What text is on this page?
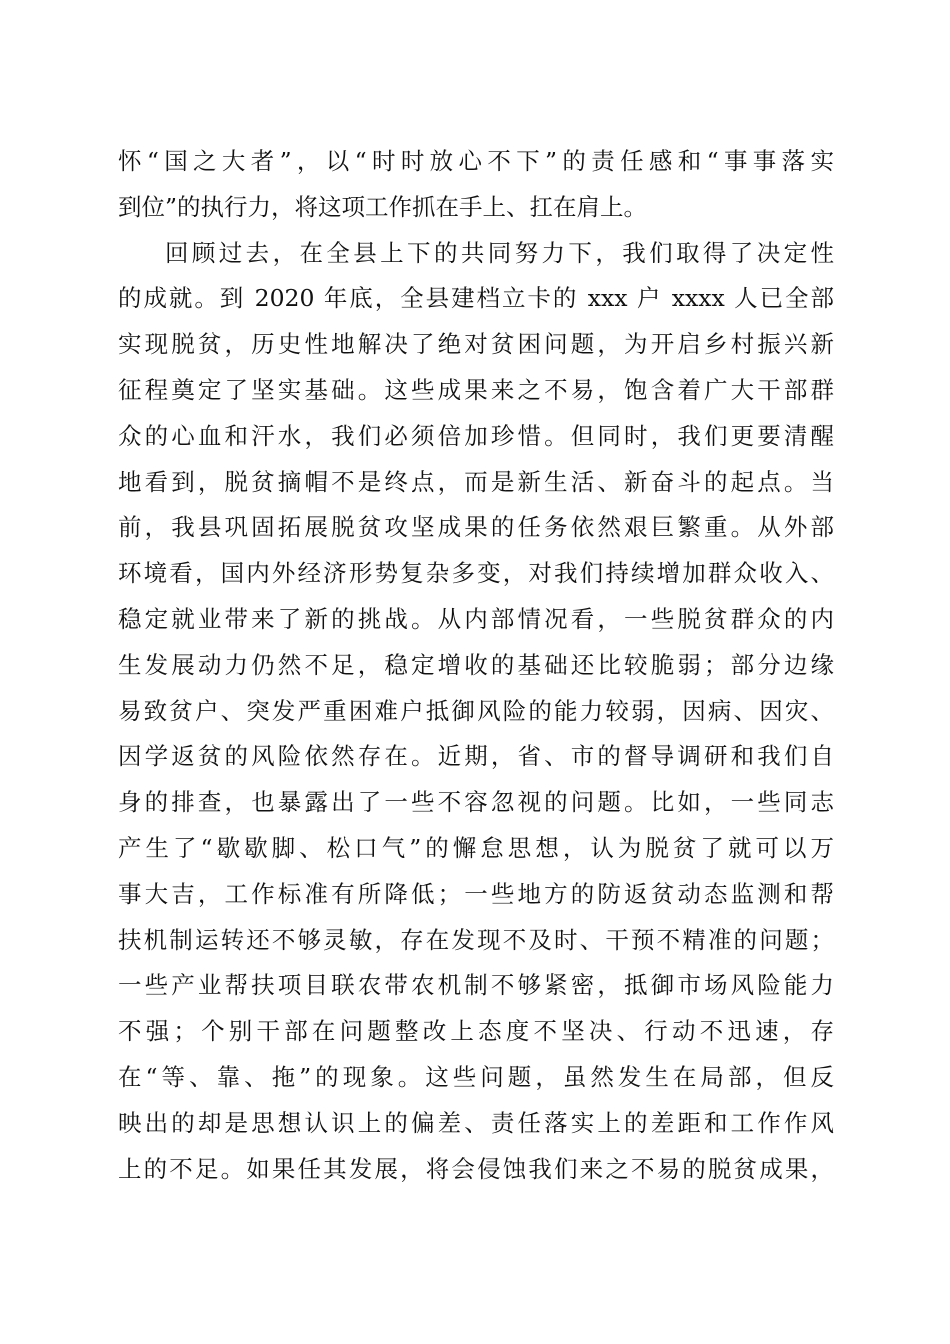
怀“国之大者”，以“时时放心不下”的责任感和“事事落实
到位”的执行力，将这项工作抓在手上、扛在肩上。
回顾过去，在全县上下的共同努力下，我们取得了决定性
的成就。到 2020 年底，全县建档立卡的 xxx 户 xxxx 人已全部
实现脱贫，历史性地解决了绝对贫困问题，为开启乡村振兴新
征程奠定了坚实基础。这些成果来之不易，饱含着广大干部群
众的心血和汗水，我们必须倍加珍惜。但同时，我们更要清醒
地看到，脱贫摘帽不是终点，而是新生活、新奋斗的起点。当
前，我县巩固拓展脱贫攻坚成果的任务依然艰巨繁重。从外部
环境看，国内外经济形势复杂多变，对我们持续增加群众收入、
稳定就业带来了新的挑战。从内部情况看，一些脱贫群众的内
生发展动力仍然不足，稳定增收的基础还比较脆弱；部分边缘
易致贫户、突发严重困难户抵御风险的能力较弱，因病、因灾、
因学返贫的风险依然存在。近期，省、市的督导调研和我们自
身的排查，也暴露出了一些不容忽视的问题。比如，一些同志
产生了“歇歇脚、松口气”的懈怠思想，认为脱贫了就可以万
事大吉，工作标准有所降低；一些地方的防返贫动态监测和帮
扶机制运转还不够灵敏，存在发现不及时、干预不精准的问题；
一些产业帮扶项目联农带农机制不够紧密，抵御市场风险能力
不强；个别干部在问题整改上态度不坚决、行动不迅速，存
在“等、靠、拖”的现象。这些问题，虽然发生在局部，但反
映出的却是思想认识上的偏差、责任落实上的差距和工作作风
上的不足。如果任其发展，将会侵蚀我们来之不易的脱贫成果，
